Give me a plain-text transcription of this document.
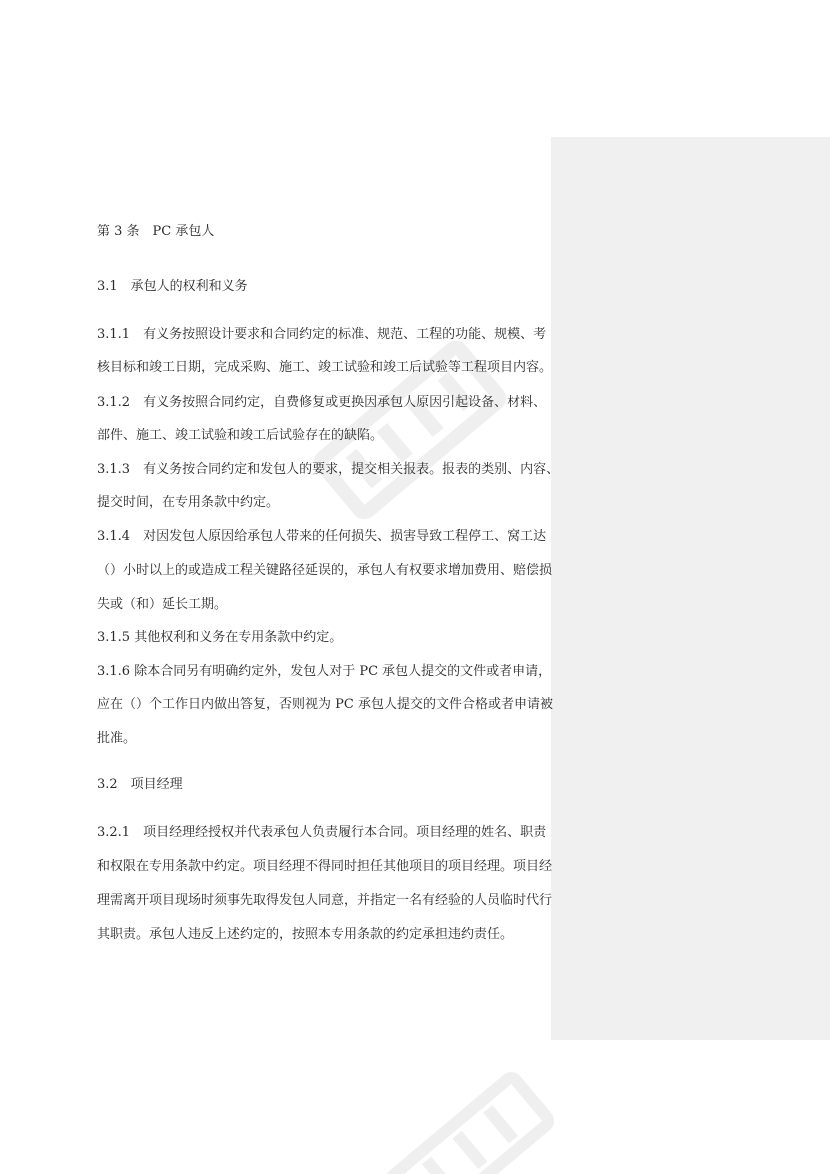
第 3 条　PC 承包人
3.1　承包人的权利和义务
3.1.1　有义务按照设计要求和合同约定的标准、规范、工程的功能、规模、考
核目标和竣工日期，完成采购、施工、竣工试验和竣工后试验等工程项目内容。
3.1.2　有义务按照合同约定，自费修复或更换因承包人原因引起设备、材料、
部件、施工、竣工试验和竣工后试验存在的缺陷。
3.1.3　有义务按合同约定和发包人的要求，提交相关报表。报表的类别、内容、
提交时间，在专用条款中约定。
3.1.4　对因发包人原因给承包人带来的任何损失、损害导致工程停工、窝工达
（）小时以上的或造成工程关键路径延误的，承包人有权要求增加费用、赔偿损
失或（和）延长工期。
3.1.5 其他权利和义务在专用条款中约定。
3.1.6 除本合同另有明确约定外，发包人对于 PC 承包人提交的文件或者申请，
应在（）个工作日内做出答复，否则视为 PC 承包人提交的文件合格或者申请被
批准。
3.2　项目经理
3.2.1　项目经理经授权并代表承包人负责履行本合同。项目经理的姓名、职责
和权限在专用条款中约定。项目经理不得同时担任其他项目的项目经理。项目经
理需离开项目现场时须事先取得发包人同意，并指定一名有经验的人员临时代行
其职责。承包人违反上述约定的，按照本专用条款的约定承担违约责任。
